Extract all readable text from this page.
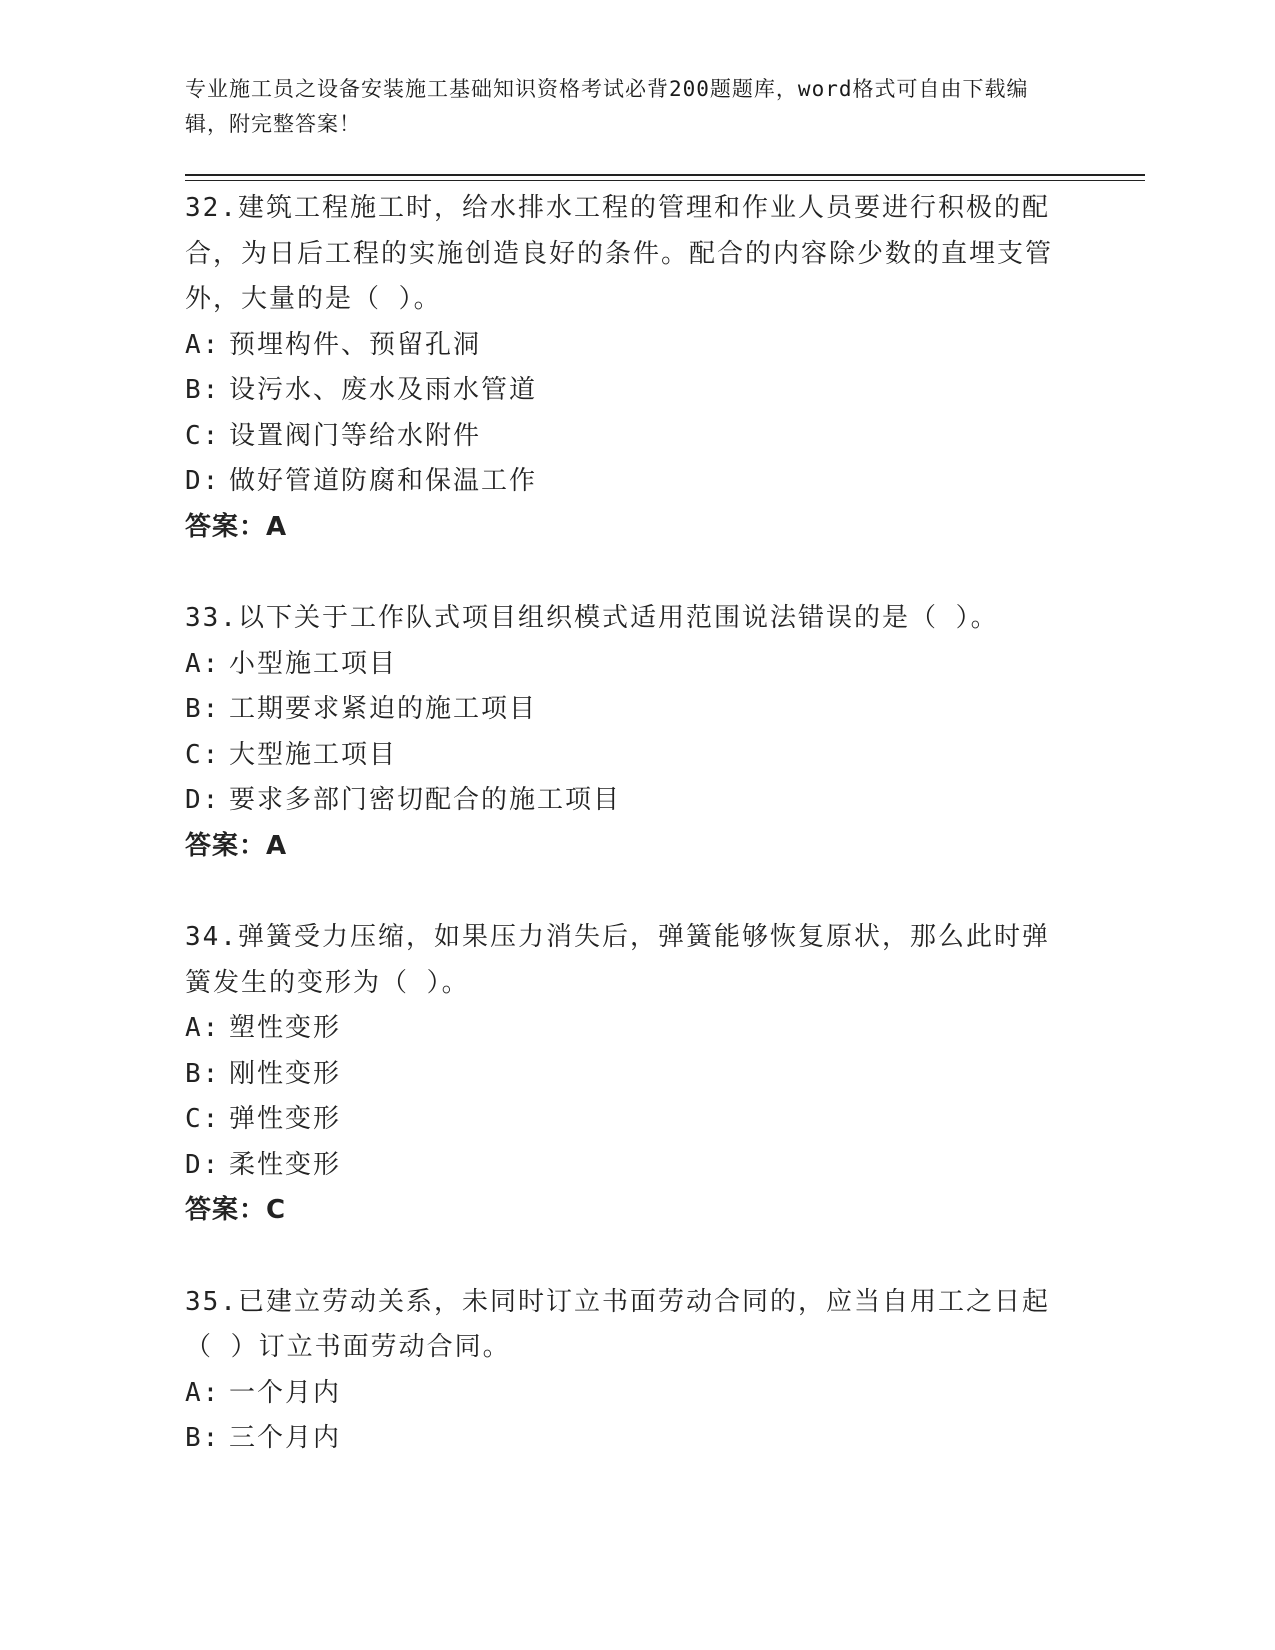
专业施工员之设备安装施工基础知识资格考试必背200题题库，word格式可自由下载编辑，附完整答案！

32.建筑工程施工时，给水排水工程的管理和作业人员要进行积极的配合，为日后工程的实施创造良好的条件。配合的内容除少数的直埋支管外，大量的是（ ）。

A: 预埋构件、预留孔洞

B: 设污水、废水及雨水管道

C: 设置阀门等给水附件

D: 做好管道防腐和保温工作

答案：A

33.以下关于工作队式项目组织模式适用范围说法错误的是（ ）。

A: 小型施工项目

B: 工期要求紧迫的施工项目

C: 大型施工项目

D: 要求多部门密切配合的施工项目

答案：A

34.弹簧受力压缩，如果压力消失后，弹簧能够恢复原状，那么此时弹簧发生的变形为（ ）。

A: 塑性变形

B: 刚性变形

C: 弹性变形

D: 柔性变形

答案：C

35.已建立劳动关系，未同时订立书面劳动合同的，应当自用工之日起（ ）订立书面劳动合同。

A: 一个月内

B: 三个月内
